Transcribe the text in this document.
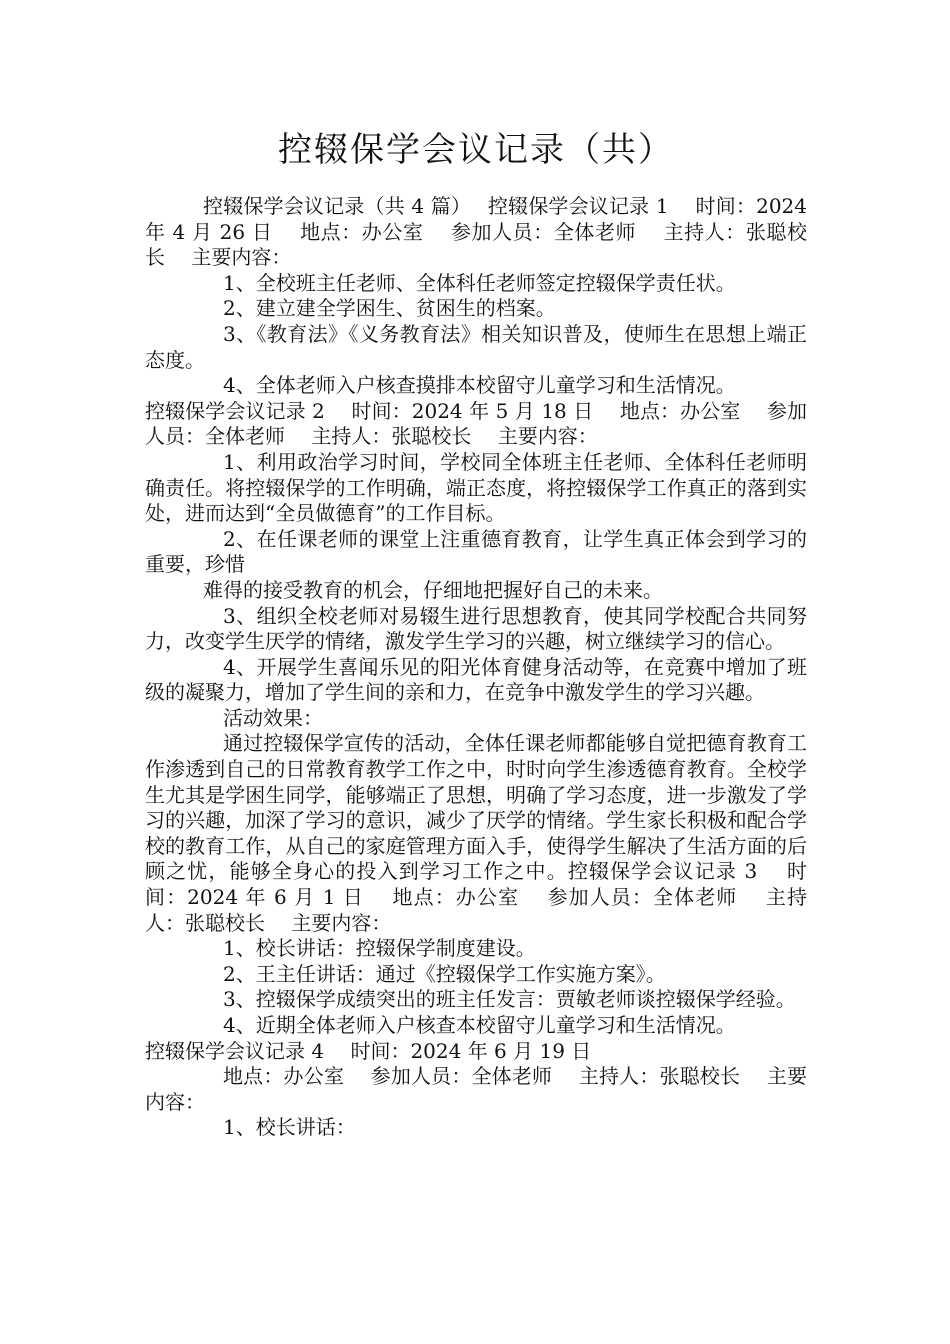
控辍保学会议记录（共）

控辍保学会议记录（共 4 篇）　 控辍保学会议记录 1　 时间：2024 年 4 月 26 日　 地点：办公室　 参加人员：全体老师　 主持人：张聪校长　 主要内容：

1、全校班主任老师、全体科任老师签定控辍保学责任状。

2、建立建全学困生、贫困生的档案。

3、《教育法》《义务教育法》相关知识普及，使师生在思想上端正态度。

4、全体老师入户核查摸排本校留守儿童学习和生活情况。

控辍保学会议记录 2　 时间：2024 年 5 月 18 日　 地点：办公室　 参加人员：全体老师　 主持人：张聪校长　 主要内容：

1、利用政治学习时间，学校同全体班主任老师、全体科任老师明确责任。将控辍保学的工作明确，端正态度，将控辍保学工作真正的落到实处，进而达到“全员做德育”的工作目标。

2、在任课老师的课堂上注重德育教育，让学生真正体会到学习的重要，珍惜

难得的接受教育的机会，仔细地把握好自己的未来。

3、组织全校老师对易辍生进行思想教育，使其同学校配合共同努力，改变学生厌学的情绪，激发学生学习的兴趣，树立继续学习的信心。

4、开展学生喜闻乐见的阳光体育健身活动等，在竞赛中增加了班级的凝聚力，增加了学生间的亲和力，在竞争中激发学生的学习兴趣。

活动效果：

通过控辍保学宣传的活动，全体任课老师都能够自觉把德育教育工作渗透到自己的日常教育教学工作之中，时时向学生渗透德育教育。全校学生尤其是学困生同学，能够端正了思想，明确了学习态度，进一步激发了学习的兴趣，加深了学习的意识，减少了厌学的情绪。学生家长积极和配合学校的教育工作，从自己的家庭管理方面入手，使得学生解决了生活方面的后顾之忧，能够全身心的投入到学习工作之中。控辍保学会议记录 3　 时间：2024 年 6 月 1 日　 地点：办公室　 参加人员：全体老师　 主持人：张聪校长　 主要内容：

1、校长讲话：控辍保学制度建设。

2、王主任讲话：通过《控辍保学工作实施方案》。

3、控辍保学成绩突出的班主任发言：贾敏老师谈控辍保学经验。

4、近期全体老师入户核查本校留守儿童学习和生活情况。

控辍保学会议记录 4　 时间：2024 年 6 月 19 日

地点：办公室　 参加人员：全体老师　 主持人：张聪校长　 主要内容：

1、校长讲话：
